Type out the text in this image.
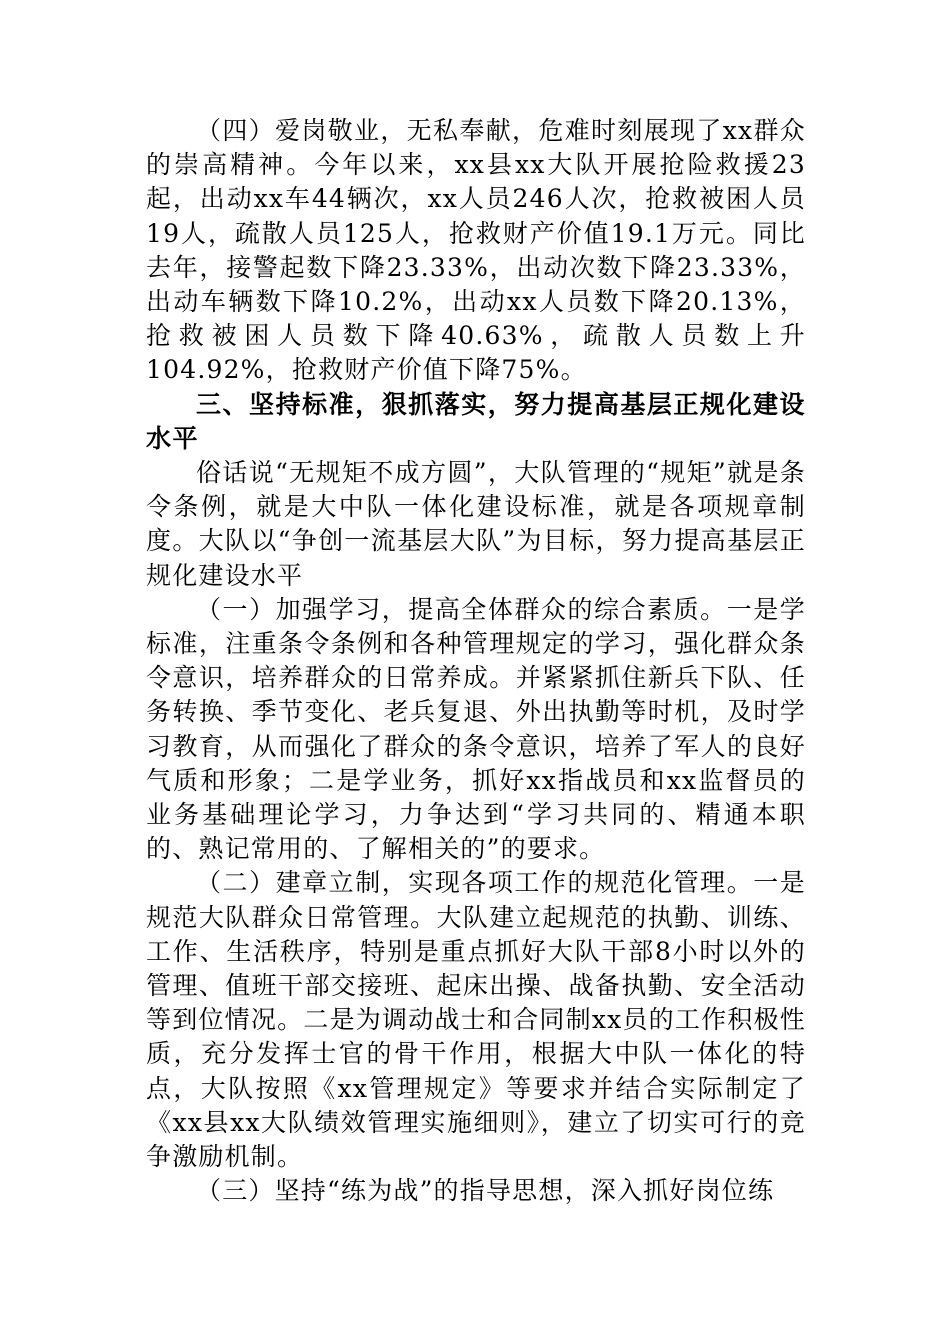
（四）爱岗敬业，无私奉献，危难时刻展现了xx群众的崇高精神。今年以来，xx县xx大队开展抢险救援23起，出动xx车44辆次，xx人员246人次，抢救被困人员19人，疏散人员125人，抢救财产价值19.1万元。同比去年，接警起数下降23.33%，出动次数下降23.33%，出动车辆数下降10.2%，出动xx人员数下降20.13%，抢救被困人员数下降40.63%，疏散人员数上升104.92%，抢救财产价值下降75%。

三、坚持标准，狠抓落实，努力提高基层正规化建设水平

俗话说“无规矩不成方圆”，大队管理的“规矩”就是条令条例，就是大中队一体化建设标准，就是各项规章制度。大队以“争创一流基层大队”为目标，努力提高基层正规化建设水平

（一）加强学习，提高全体群众的综合素质。一是学标准，注重条令条例和各种管理规定的学习，强化群众条令意识，培养群众的日常养成。并紧紧抓住新兵下队、任务转换、季节变化、老兵复退、外出执勤等时机，及时学习教育，从而强化了群众的条令意识，培养了军人的良好气质和形象；二是学业务，抓好xx指战员和xx监督员的业务基础理论学习，力争达到“学习共同的、精通本职的、熟记常用的、了解相关的”的要求。

（二）建章立制，实现各项工作的规范化管理。一是规范大队群众日常管理。大队建立起规范的执勤、训练、工作、生活秩序，特别是重点抓好大队干部8小时以外的管理、值班干部交接班、起床出操、战备执勤、安全活动等到位情况。二是为调动战士和合同制xx员的工作积极性质，充分发挥士官的骨干作用，根据大中队一体化的特点，大队按照《xx管理规定》等要求并结合实际制定了《xx县xx大队绩效管理实施细则》，建立了切实可行的竞争激励机制。

（三）坚持“练为战”的指导思想，深入抓好岗位练
